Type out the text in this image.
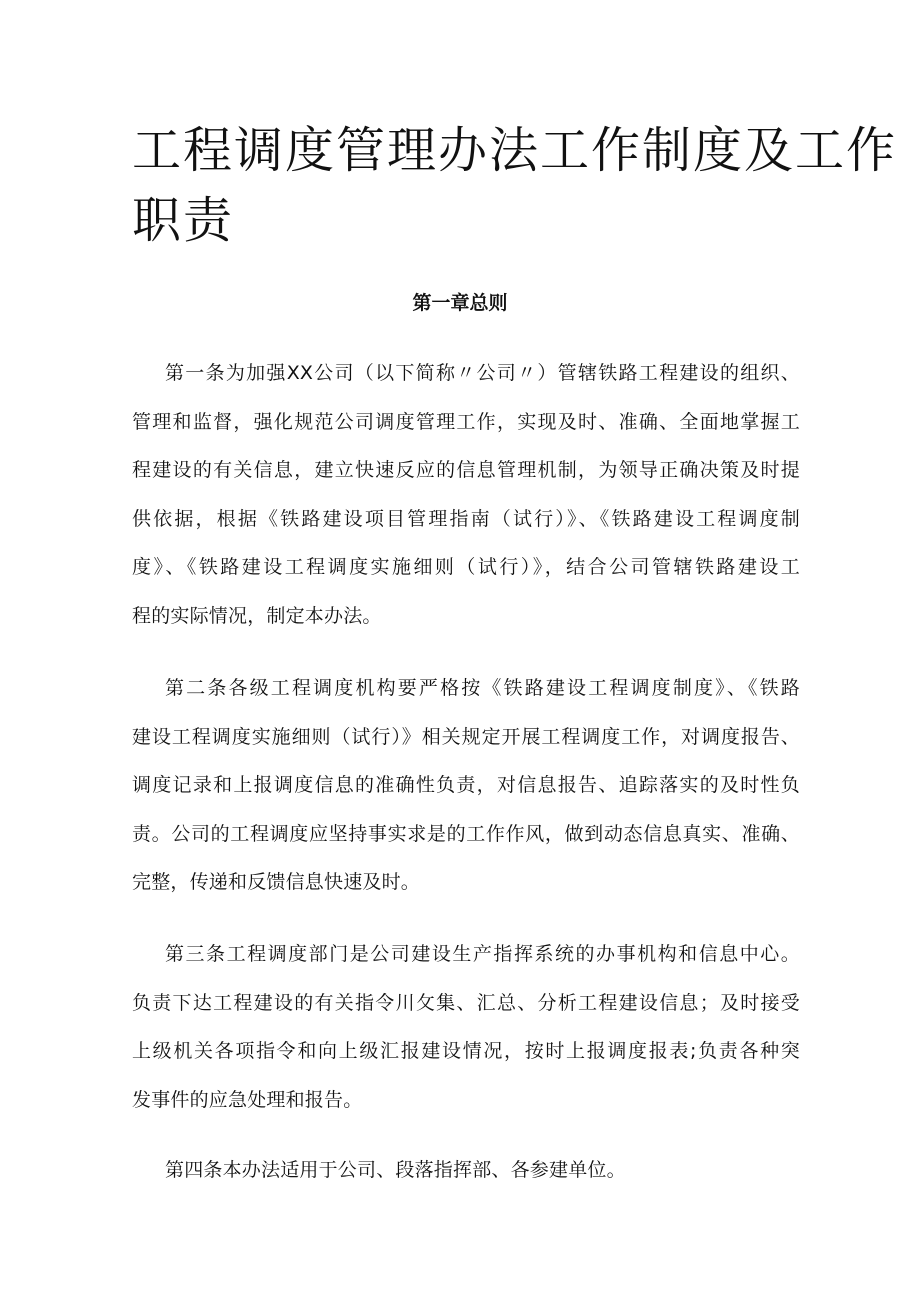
工程调度管理办法工作制度及工作
职责
第一章总则
第一条为加强XX公司（以下简称〃公司〃）管辖铁路工程建设的组织、
管理和监督，强化规范公司调度管理工作，实现及时、准确、全面地掌握工
程建设的有关信息，建立快速反应的信息管理机制，为领导正确决策及时提
供依据，根据《铁路建设项目管理指南（试行）》、《铁路建设工程调度制
度》、《铁路建设工程调度实施细则（试行）》，结合公司管辖铁路建设工
程的实际情况，制定本办法。
第二条各级工程调度机构要严格按《铁路建设工程调度制度》、《铁路
建设工程调度实施细则（试行）》相关规定开展工程调度工作，对调度报告、
调度记录和上报调度信息的准确性负责，对信息报告、追踪落实的及时性负
责。公司的工程调度应坚持事实求是的工作作风，做到动态信息真实、准确、
完整，传递和反馈信息快速及时。
第三条工程调度部门是公司建设生产指挥系统的办事机构和信息中心。
负责下达工程建设的有关指令川攵集、汇总、分析工程建设信息；及时接受
上级机关各项指令和向上级汇报建设情况，按时上报调度报表;负责各种突
发事件的应急处理和报告。
第四条本办法适用于公司、段落指挥部、各参建单位。
